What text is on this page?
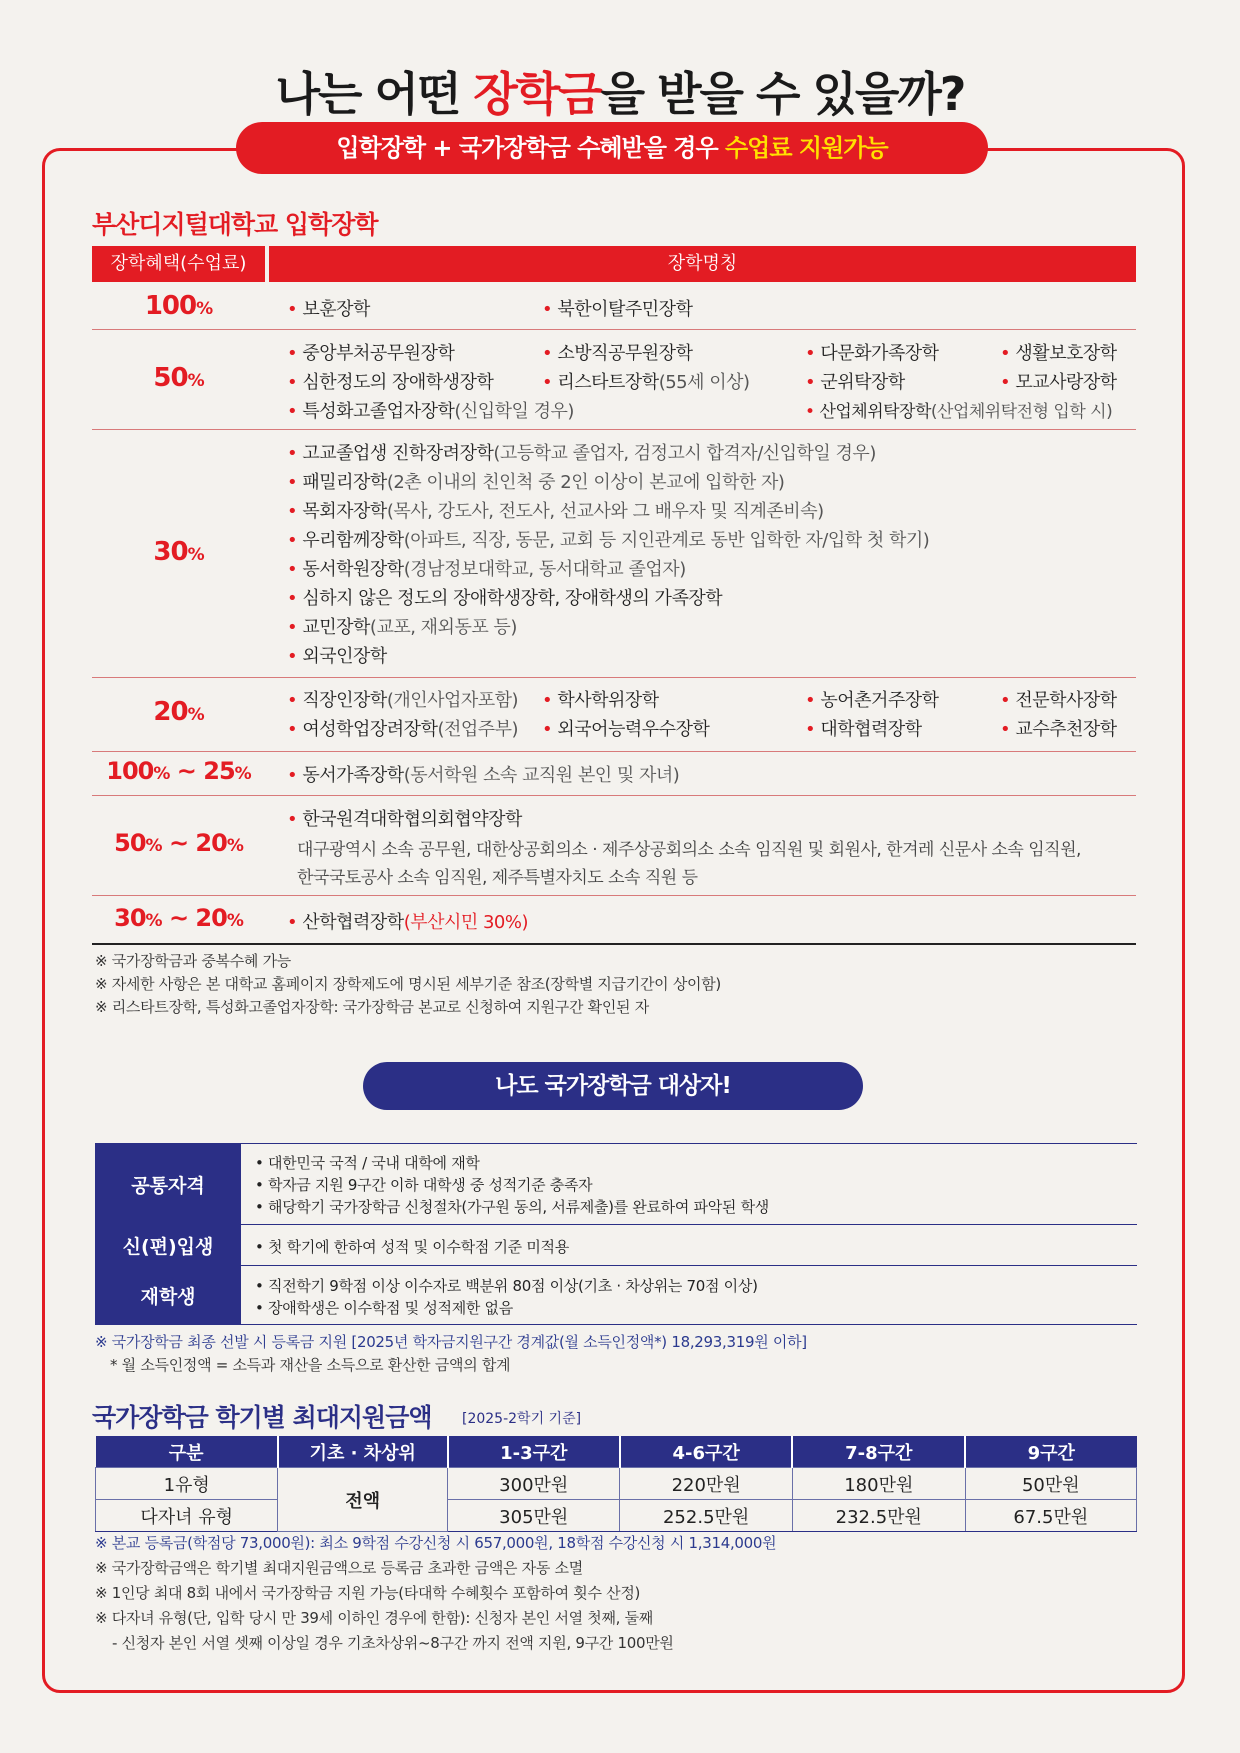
나는 어떤 장학금을 받을 수 있을까?
입학장학 + 국가장학금 수혜받을 경우 수업료 지원가능
부산디지털대학교 입학장학
장학혜택(수업료)	장학명칭
100%	• 보훈장학	• 북한이탈주민장학
50%
• 중앙부처공무원장학	• 소방직공무원장학	• 다문화가족장학	• 생활보호장학
• 심한정도의 장애학생장학	• 리스타트장학(55세 이상)	• 군위탁장학	• 모교사랑장학
• 특성화고졸업자장학(신입학일 경우)	• 산업체위탁장학(산업체위탁전형 입학 시)
30%
• 고교졸업생 진학장려장학(고등학교 졸업자, 검정고시 합격자/신입학일 경우)
• 패밀리장학(2촌 이내의 친인척 중 2인 이상이 본교에 입학한 자)
• 목회자장학(목사, 강도사, 전도사, 선교사와 그 배우자 및 직계존비속)
• 우리함께장학(아파트, 직장, 동문, 교회 등 지인관계로 동반 입학한 자/입학 첫 학기)
• 동서학원장학(경남정보대학교, 동서대학교 졸업자)
• 심하지 않은 정도의 장애학생장학, 장애학생의 가족장학
• 교민장학(교포, 재외동포 등)
• 외국인장학
20%
• 직장인장학(개인사업자포함) • 학사학위장학	• 농어촌거주장학	• 전문학사장학
• 여성학업장려장학(전업주부) • 외국어능력우수장학	• 대학협력장학	• 교수추천장학
100% ~ 25%	• 동서가족장학(동서학원 소속 교직원 본인 및 자녀)
50% ~ 20%
• 한국원격대학협의회협약장학
대구광역시 소속 공무원, 대한상공회의소 · 제주상공회의소 소속 임직원 및 회원사, 한겨레 신문사 소속 임직원,
한국국토공사 소속 임직원, 제주특별자치도 소속 직원 등
30% ~ 20%	• 산학협력장학(부산시민 30%)
※ 국가장학금과 중복수혜 가능
※ 자세한 사항은 본 대학교 홈페이지 장학제도에 명시된 세부기준 참조(장학별 지급기간이 상이함)
※ 리스타트장학, 특성화고졸업자장학: 국가장학금 본교로 신청하여 지원구간 확인된 자
나도 국가장학금 대상자!
공통자격
• 대한민국 국적 / 국내 대학에 재학
• 학자금 지원 9구간 이하 대학생 중 성적기준 충족자
• 해당학기 국가장학금 신청절차(가구원 동의, 서류제출)를 완료하여 파악된 학생
신(편)입생	• 첫 학기에 한하여 성적 및 이수학점 기준 미적용
재학생	• 직전학기 9학점 이상 이수자로 백분위 80점 이상(기초 · 차상위는 70점 이상)
• 장애학생은 이수학점 및 성적제한 없음
※ 국가장학금 최종 선발 시 등록금 지원 [2025년 학자금지원구간 경계값(월 소득인정액*) 18,293,319원 이하]
* 월 소득인정액 = 소득과 재산을 소득으로 환산한 금액의 합계
국가장학금 학기별 최대지원금액 [2025-2학기 기준]
구분	기초 · 차상위	1-3구간	4-6구간	7-8구간	9구간
1유형	전액	300만원	220만원	180만원	50만원
다자녀 유형		305만원	252.5만원	232.5만원	67.5만원
※ 본교 등록금(학점당 73,000원): 최소 9학점 수강신청 시 657,000원, 18학점 수강신청 시 1,314,000원
※ 국가장학금액은 학기별 최대지원금액으로 등록금 초과한 금액은 자동 소멸
※ 1인당 최대 8회 내에서 국가장학금 지원 가능(타대학 수혜횟수 포함하여 횟수 산정)
※ 다자녀 유형(단, 입학 당시 만 39세 이하인 경우에 한함): 신청자 본인 서열 첫째, 둘째
- 신청자 본인 서열 셋째 이상일 경우 기초차상위~8구간 까지 전액 지원, 9구간 100만원
